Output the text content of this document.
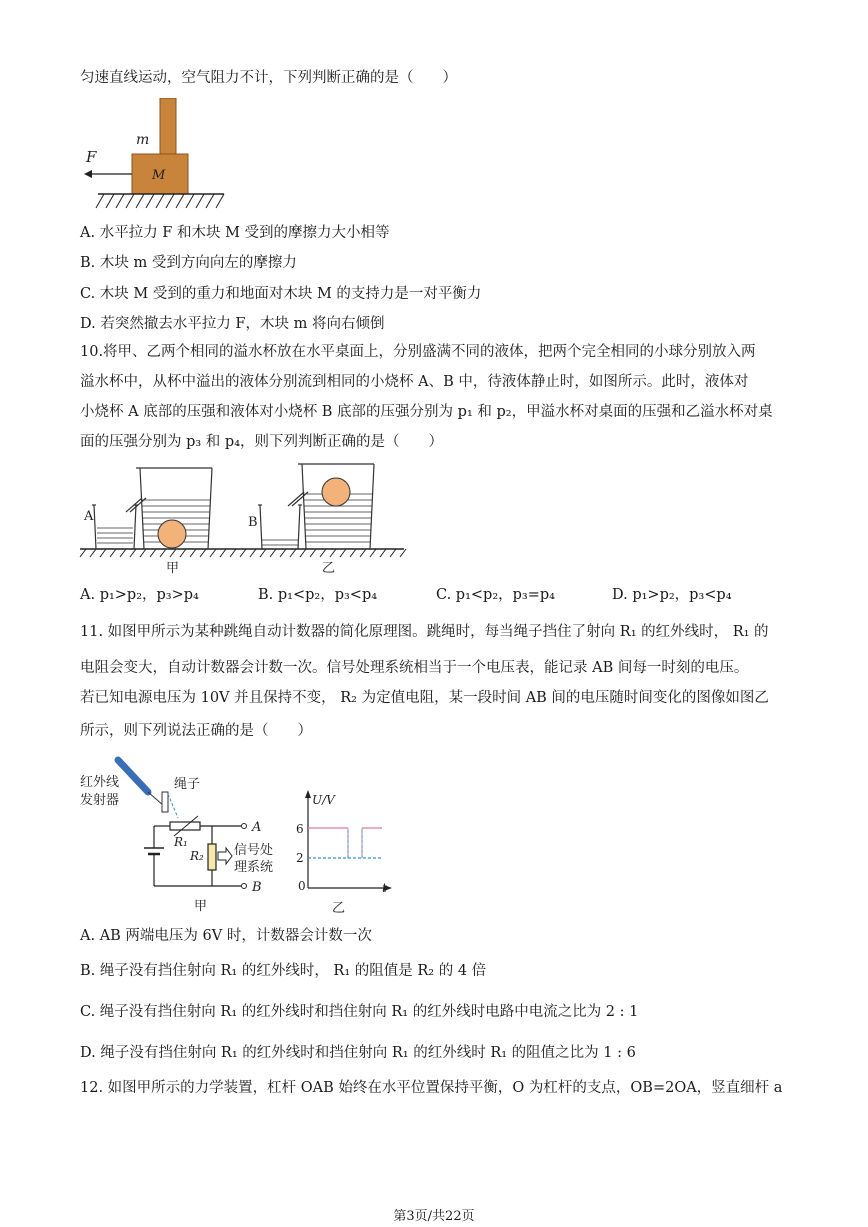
匀速直线运动，空气阻力不计，下列判断正确的是（　　）
m
M
F
A. 水平拉力 F 和木块 M 受到的摩擦力大小相等
B. 木块 m 受到方向向左的摩擦力
C. 木块 M 受到的重力和地面对木块 M 的支持力是一对平衡力
D. 若突然撤去水平拉力 F，木块 m 将向右倾倒
10.将甲、乙两个相同的溢水杯放在水平桌面上，分别盛满不同的液体，把两个完全相同的小球分别放入两
溢水杯中，从杯中溢出的液体分别流到相同的小烧杯 A、B 中，待液体静止时，如图所示。此时，液体对
小烧杯 A 底部的压强和液体对小烧杯 B 底部的压强分别为 p₁ 和 p₂，甲溢水杯对桌面的压强和乙溢水杯对桌
面的压强分别为 p₃ 和 p₄，则下列判断正确的是（　　）
A
甲
B
乙
A. p₁>p₂，p₃>p₄	B. p₁<p₂，p₃<p₄	C. p₁<p₂，p₃=p₄	D. p₁>p₂，p₃<p₄
11. 如图甲所示为某种跳绳自动计数器的简化原理图。跳绳时，每当绳子挡住了射向 R₁ 的红外线时， R₁ 的
电阻会变大，自动计数器会计数一次。信号处理系统相当于一个电压表，能记录 AB 间每一时刻的电压。
若已知电源电压为 10V 并且保持不变， R₂ 为定值电阻，某一段时间 AB 间的电压随时间变化的图像如图乙
所示，则下列说法正确的是（　　）
红外线
发射器
绳子
A
R₁
B
R₂ 信号处
理系统
甲
U/V
t
0
6
2
乙
A. AB 两端电压为 6V 时，计数器会计数一次
B. 绳子没有挡住射向 R₁ 的红外线时， R₁ 的阻值是 R₂ 的 4 倍
C. 绳子没有挡住射向 R₁ 的红外线时和挡住射向 R₁ 的红外线时电路中电流之比为 2 : 1
D. 绳子没有挡住射向 R₁ 的红外线时和挡住射向 R₁ 的红外线时 R₁ 的阻值之比为 1 : 6
12. 如图甲所示的力学装置，杠杆 OAB 始终在水平位置保持平衡，O 为杠杆的支点，OB=2OA，竖直细杆 a
第3页/共22页
